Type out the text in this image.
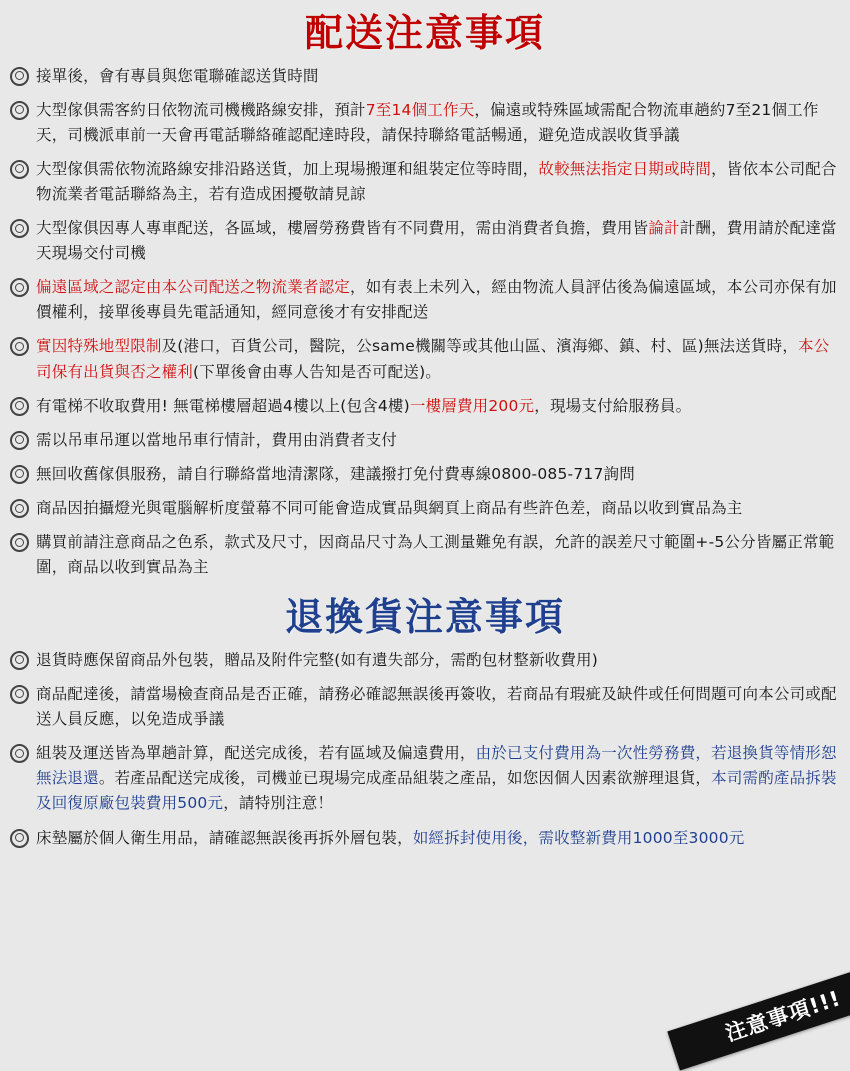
配送注意事項
接單後，會有專員與您電聯確認送貨時間
大型傢俱需客約日依物流司機機路線安排，預計7至14個工作天，偏遠或特殊區域需配合物流車趟約7至21個工作天，司機派車前一天會再電話聯絡確認配達時段，請保持聯絡電話暢通，避免造成誤收貨爭議
大型傢俱需依物流路線安排沿路送貨，加上現場搬運和組裝定位等時間，故較無法指定日期或時間，皆依本公司配合物流業者電話聯絡為主，若有造成困擾敬請見諒
大型傢俱因專人專車配送，各區域，樓層勞務費皆有不同費用，需由消費者負擔，費用皆論計計酬，費用請於配達當天現場交付司機
偏遠區域之認定由本公司配送之物流業者認定，如有表上未列入，經由物流人員評估後為偏遠區域，本公司亦保有加價權利，接單後專員先電話通知，經同意後才有安排配送
實因特殊地型限制及(港口，百貨公司，醫院，公same機關等或其他山區、濱海鄉、鎮、村、區)無法送貨時，本公司保有出貨與否之權利(下單後會由專人告知是否可配送)。
有電梯不收取費用! 無電梯樓層超過4樓以上(包含4樓)一樓層費用200元，現場支付給服務員。
需以吊車吊運以當地吊車行情計，費用由消費者支付
無回收舊傢俱服務，請自行聯絡當地清潔隊，建議撥打免付費專線0800-085-717詢問
商品因拍攝燈光與電腦解析度螢幕不同可能會造成實品與網頁上商品有些許色差，商品以收到實品為主
購買前請注意商品之色系，款式及尺寸，因商品尺寸為人工測量難免有誤，允許的誤差尺寸範圍+-5公分皆屬正常範圍，商品以收到實品為主
退換貨注意事項
退貨時應保留商品外包裝，贈品及附件完整(如有遺失部分，需酌包材整新收費用)
商品配達後，請當場檢查商品是否正確，請務必確認無誤後再簽收，若商品有瑕疵及缺件或任何問題可向本公司或配送人員反應，以免造成爭議
組裝及運送皆為單趟計算，配送完成後，若有區域及偏遠費用，由於已支付費用為一次性勞務費，若退換貨等情形恕無法退還。若產品配送完成後，司機並已現場完成產品組裝之產品，如您因個人因素欲辦理退貨，本司需酌產品拆裝及回復原廠包裝費用500元，請特別注意！
床墊屬於個人衛生用品，請確認無誤後再拆外層包裝，如經拆封使用後，需收整新費用1000至3000元
注意事項!!!
